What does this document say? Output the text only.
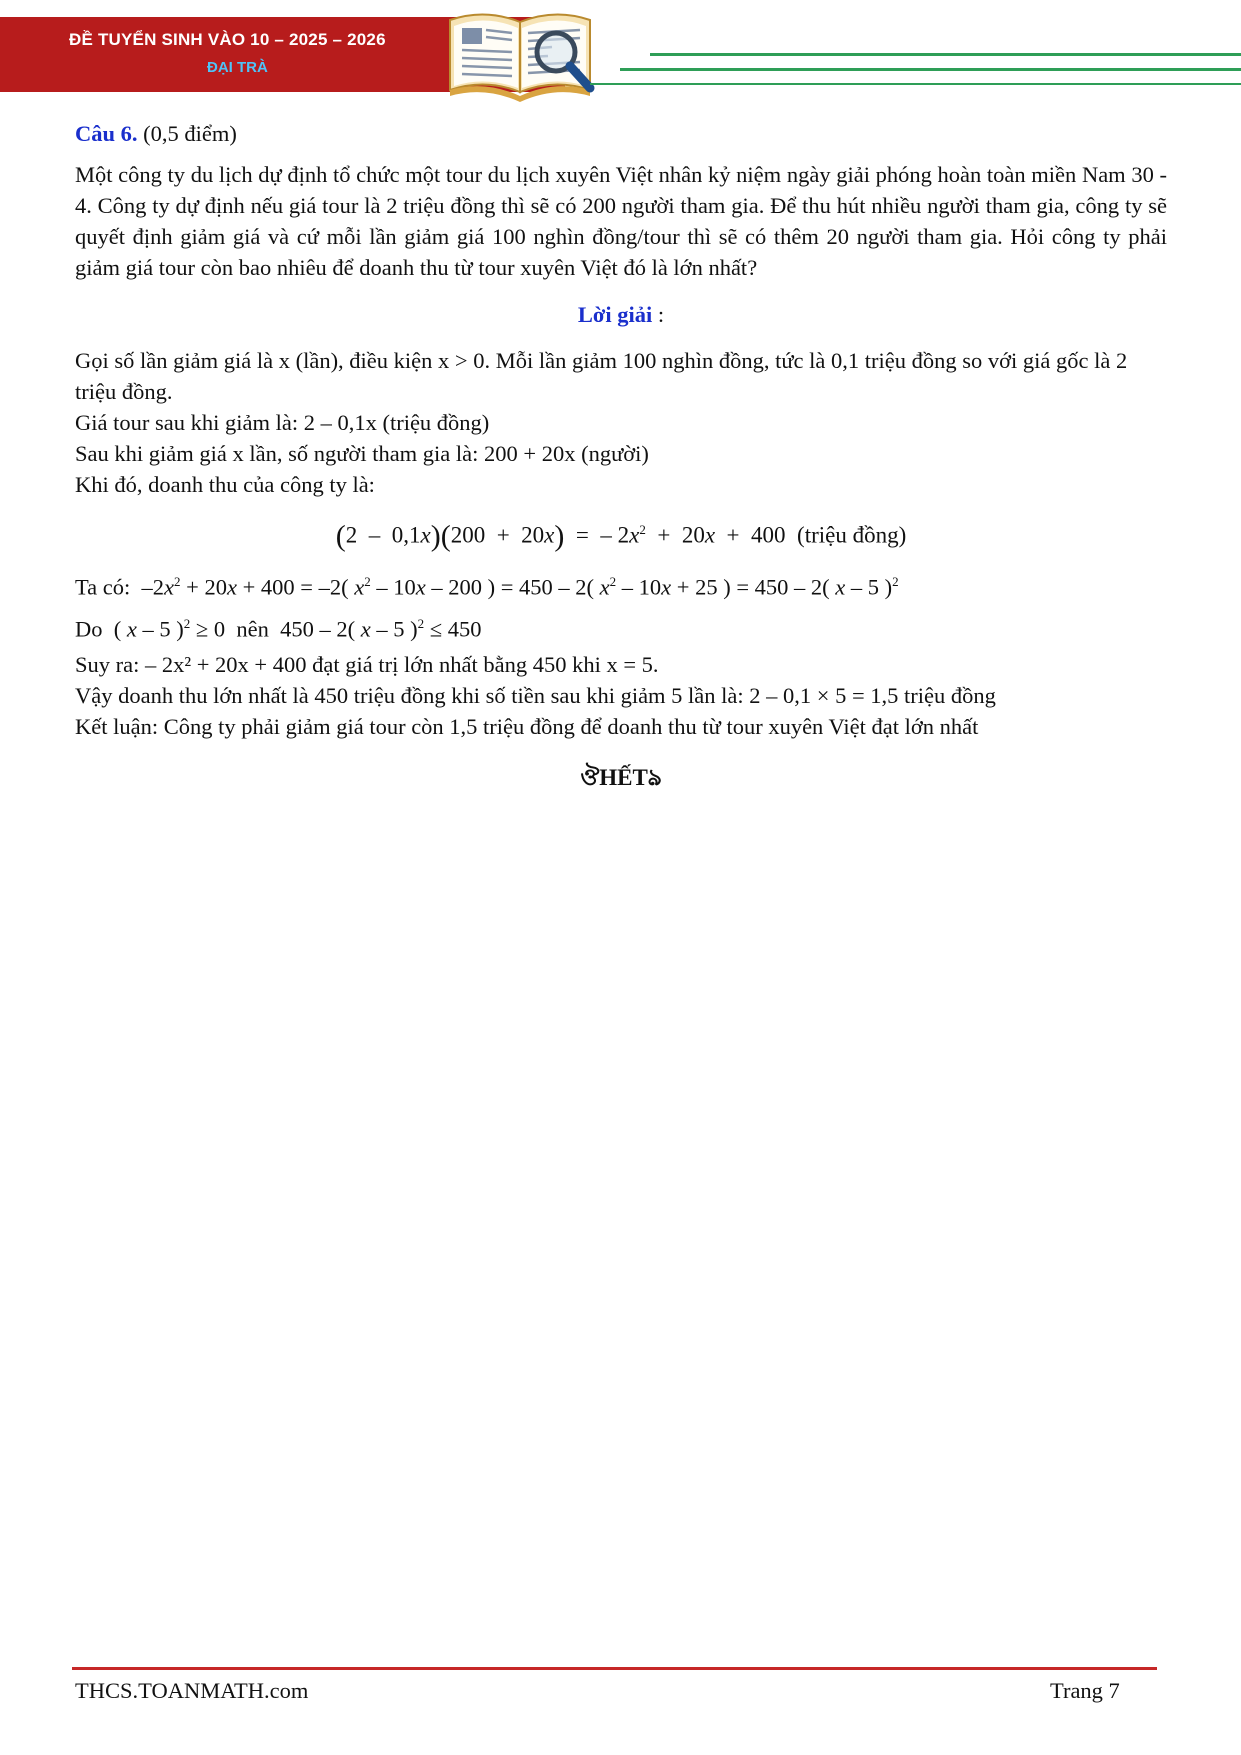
ĐỀ TUYỂN SINH VÀO 10 – 2025 – 2026
ĐẠI TRÀ

Câu 6. (0,5 điểm)

Một công ty du lịch dự định tổ chức một tour du lịch xuyên Việt nhân kỷ niệm ngày giải phóng hoàn toàn miền Nam 30 - 4. Công ty dự định nếu giá tour là 2 triệu đồng thì sẽ có 200 người tham gia. Để thu hút nhiều người tham gia, công ty sẽ quyết định giảm giá và cứ mỗi lần giảm giá 100 nghìn đồng/tour thì sẽ có thêm 20 người tham gia. Hỏi công ty phải giảm giá tour còn bao nhiêu để doanh thu từ tour xuyên Việt đó là lớn nhất?

Lời giải :

Gọi số lần giảm giá là x (lần), điều kiện x > 0. Mỗi lần giảm 100 nghìn đồng, tức là 0,1 triệu đồng so với giá gốc là 2 triệu đồng.

Giá tour sau khi giảm là: 2 – 0,1x (triệu đồng)

Sau khi giảm giá x lần, số người tham gia là: 200 + 20x (người)

Khi đó, doanh thu của công ty là:

(2  –  0,1x)(200  +  20x)  =  – $2x^2 + 20x + 400$  (triệu đồng)

Ta có:  $-2x^2 + 20x + 400 = -2$( $x^2 - 10x - 200$ ) = 450 – 2( $x^2 - 10x + 25$ ) = 450 – 2( x – 5 )$^2$

Do  ( x – 5 )$^2$ ≥ 0  nên  450 – 2( x – 5 )$^2$ ≤ 450

Suy ra: – 2x² + 20x + 400 đạt giá trị lớn nhất bằng 450 khi x = 5.

Vậy doanh thu lớn nhất là 450 triệu đồng khi số tiền sau khi giảm 5 lần là: 2 – 0,1 × 5 = 1,5 triệu đồng

Kết luận: Công ty phải giảm giá tour còn 1,5 triệu đồng để doanh thu từ tour xuyên Việt đạt lớn nhất

ঔHẾTঌ

THCS.TOANMATH.com	Trang 7
